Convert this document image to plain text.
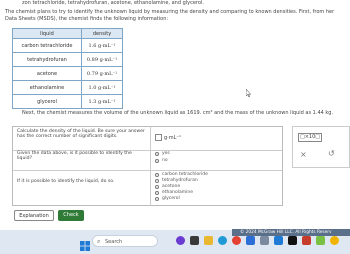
zon tetrachloride, tetrahydrofuran, acetone, ethanolamine, and glycerol.
The chemist plans to try to identify the unknown liquid by measuring the density and comparing to known densities. First, from her
Data Sheets (MSDS), the chemist finds the following information:
liquid	density
carbon tetrachloride	1.6 g·mL⁻¹
tetrahydrofuran	0.89 g·mL⁻¹
acetone	0.79 g·mL⁻¹
ethanolamine	1.0 g·mL⁻¹
glycerol	1.3 g·mL⁻¹
Next, the chemist measures the volume of the unknown liquid as 1619. cm³ and the mass of the unknown liquid as 1.44 kg.
Calculate the density of the liquid. Be sure your answer has the correct number of significant digits.	g·mL⁻¹
Given the data above, is it possible to identify the liquid?
yes
no
If it is possible to identify the liquid, do so.
carbon tetrachloride
tetrahydrofuran
acetone
ethanolamine
glycerol
□×10□
×	↺
Explanation	Check
© 2024 McGraw Hill LLC. All Rights Reserv
⌕ Search
